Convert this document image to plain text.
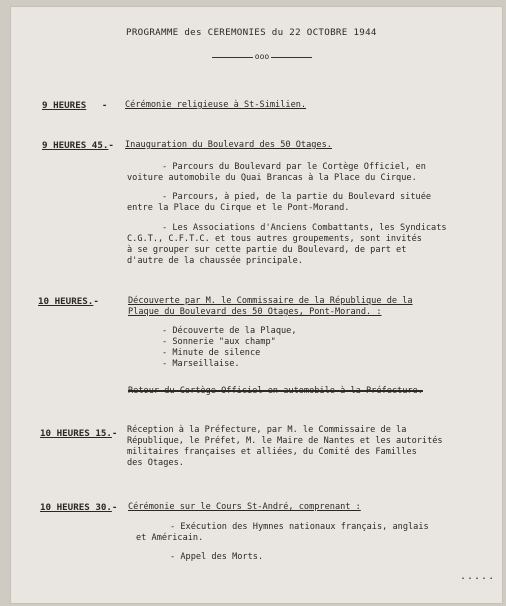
PROGRAMME des CEREMONIES du 22 OCTOBRE 1944
ooo
9 HEURES - Cérémonie religieuse à St-Similien.
9 HEURES 45.- Inauguration du Boulevard des 50 Otages.
- Parcours du Boulevard par le Cortège Officiel, en
voiture automobile du Quai Brancas à la Place du Cirque.
- Parcours, à pied, de la partie du Boulevard située
entre la Place du Cirque et le Pont-Morand.
- Les Associations d'Anciens Combattants, les Syndicats
C.G.T., C.F.T.C. et tous autres groupements, sont invités
à se grouper sur cette partie du Boulevard, de part et
d'autre de la chaussée principale.
10 HEURES.-	Découverte par M. le Commissaire de la République de la
Plaque du Boulevard des 50 Otages, Pont-Morand. :
- Découverte de la Plaque,
- Sonnerie "aux champ"
- Minute de silence
- Marseillaise.
Retour du Cortège Officiel en automobile à la Préfecture.
10 HEURES 15.- Réception à la Préfecture, par M. le Commissaire de la
République, le Préfet, M. le Maire de Nantes et les autorités
militaires françaises et alliées, du Comité des Familles
des Otages.
10 HEURES 30.- Cérémonie sur le Cours St-André, comprenant :
- Exécution des Hymnes nationaux français, anglais
et Américain.
- Appel des Morts.
.....
